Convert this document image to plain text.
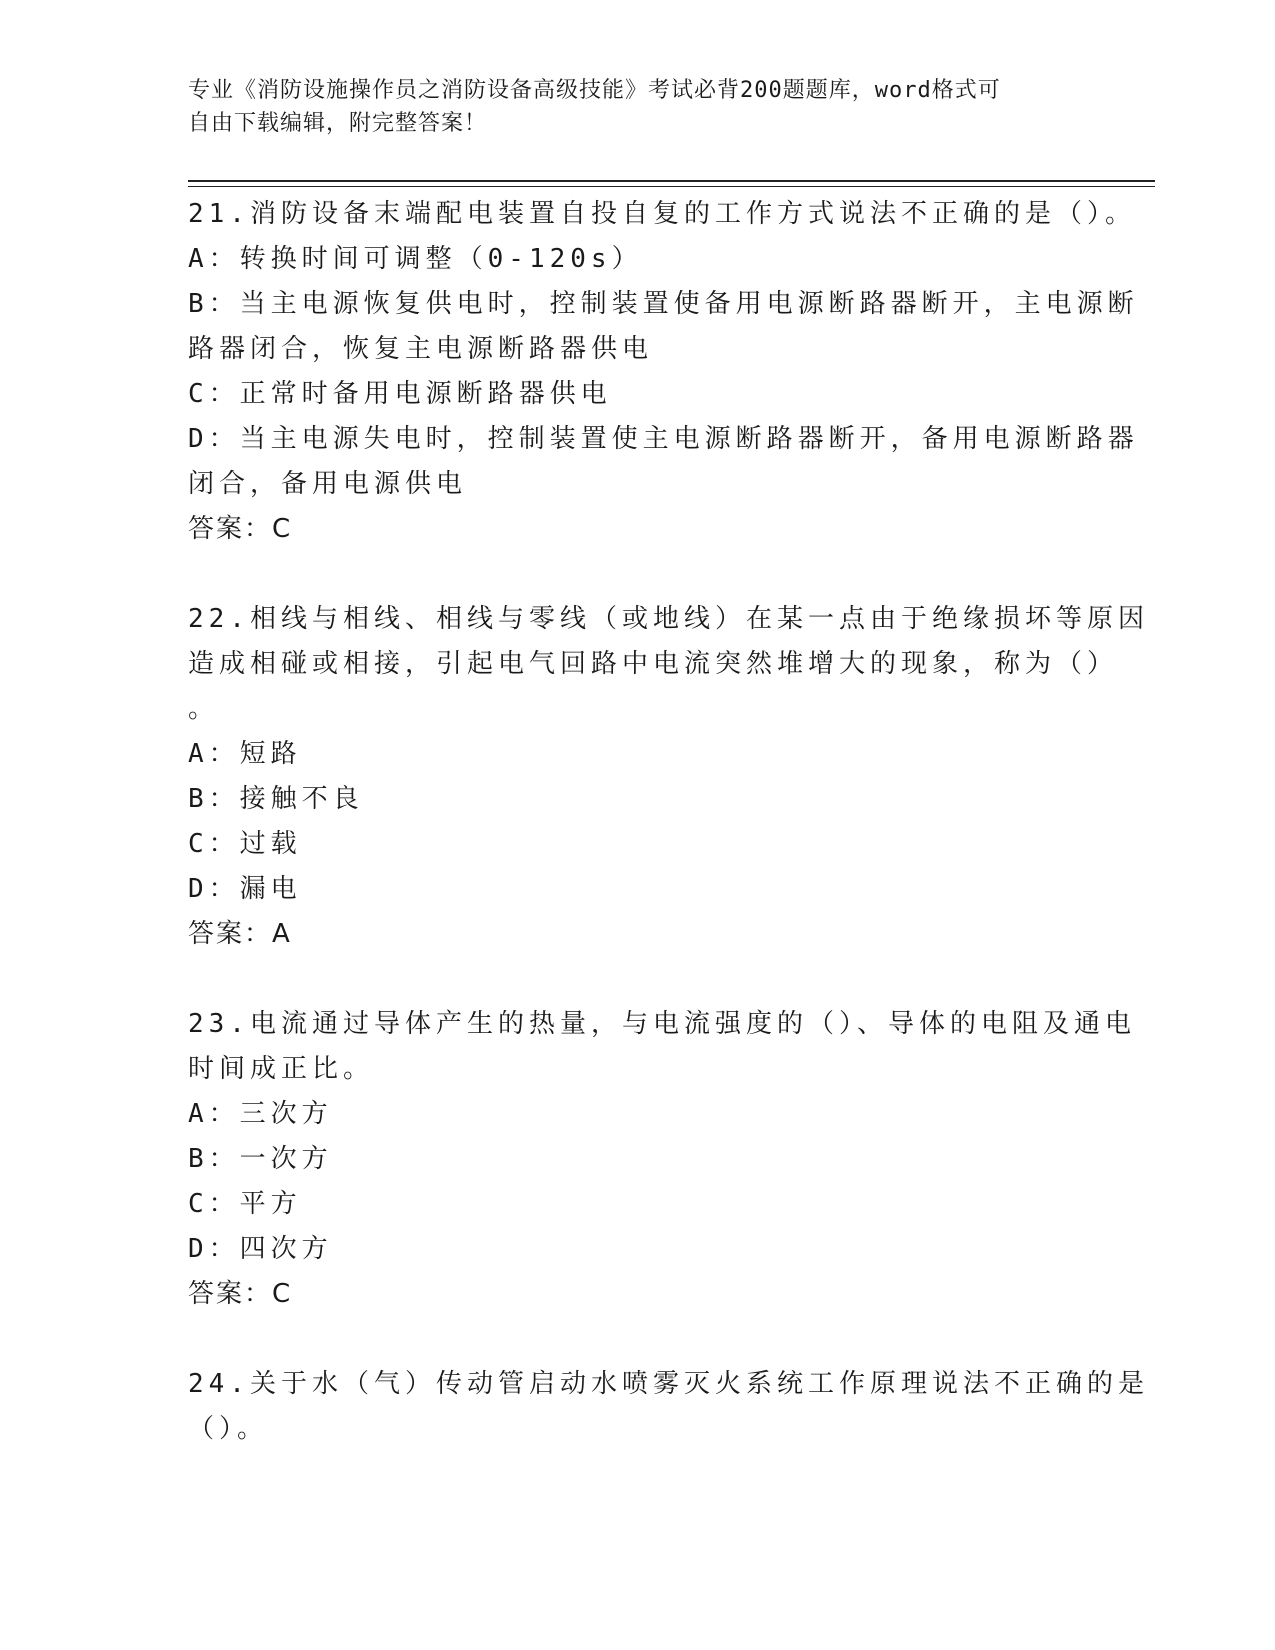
专业《消防设施操作员之消防设备高级技能》考试必背200题题库，word格式可
自由下载编辑，附完整答案！
21.消防设备末端配电装置自投自复的工作方式说法不正确的是（）。
A：转换时间可调整（0-120s）
B：当主电源恢复供电时，控制装置使备用电源断路器断开，主电源断
路器闭合，恢复主电源断路器供电
C：正常时备用电源断路器供电
D：当主电源失电时，控制装置使主电源断路器断开，备用电源断路器
闭合，备用电源供电
答案：C
22.相线与相线、相线与零线（或地线）在某一点由于绝缘损坏等原因
造成相碰或相接，引起电气回路中电流突然堆增大的现象，称为（）
。
A：短路
B：接触不良
C：过载
D：漏电
答案：A
23.电流通过导体产生的热量，与电流强度的（）、导体的电阻及通电
时间成正比。
A：三次方
B：一次方
C：平方
D：四次方
答案：C
24.关于水（气）传动管启动水喷雾灭火系统工作原理说法不正确的是
（）。
